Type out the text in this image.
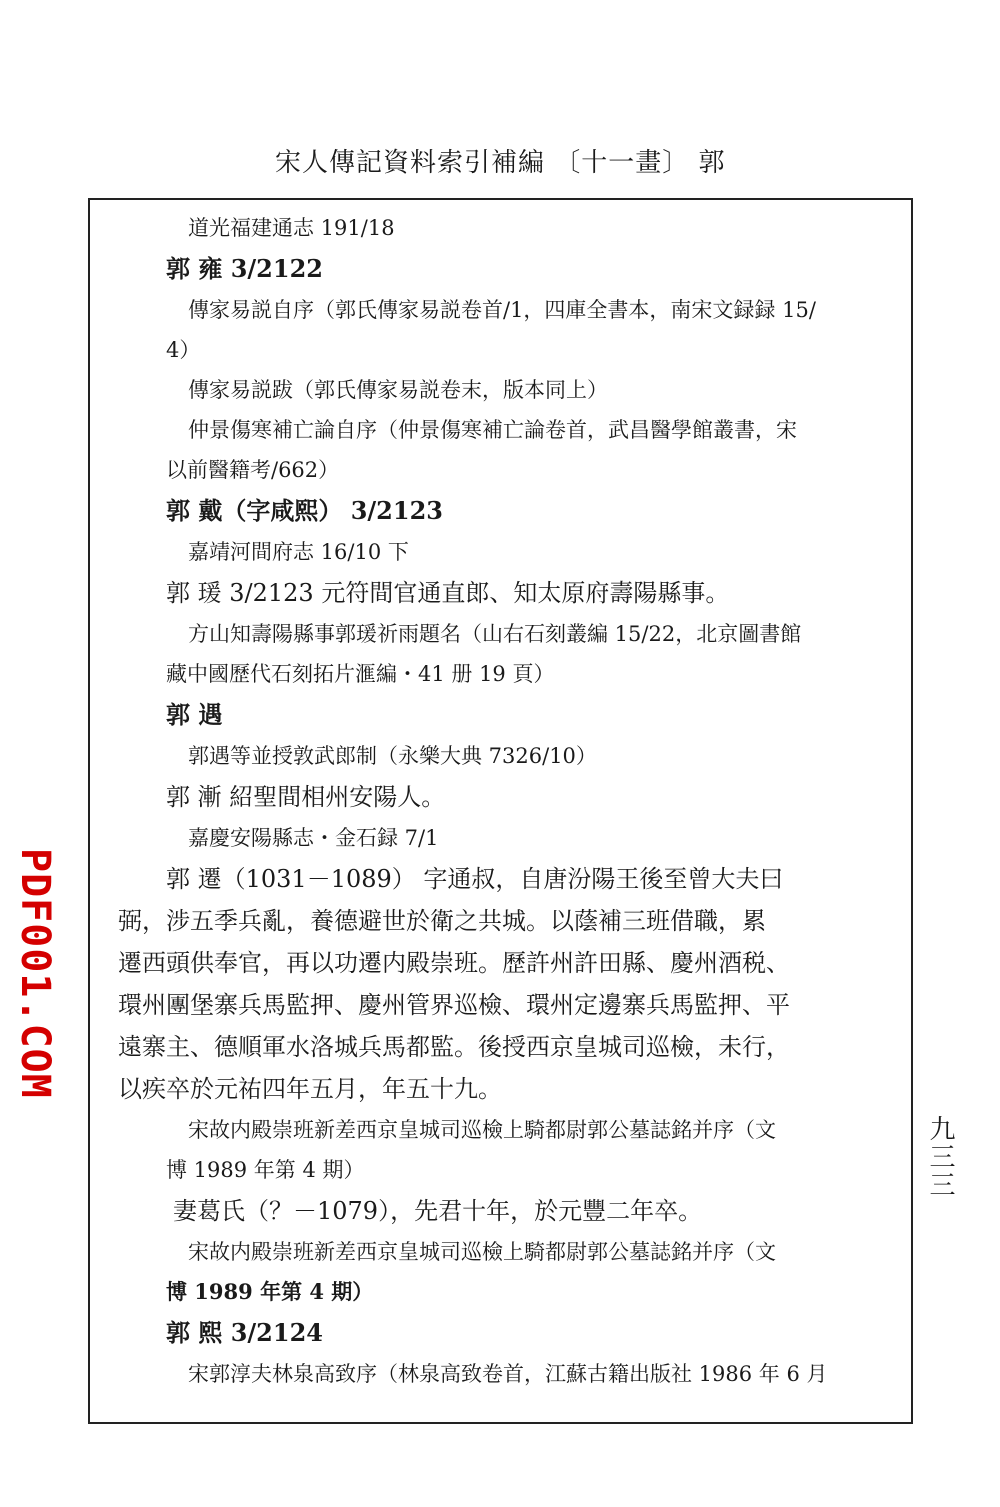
宋人傳記資料索引補編 〔十一畫〕 郭
道光福建通志 191/18
郭 雍 3/2122
傳家易説自序（郭氏傳家易説卷首/1，四庫全書本，南宋文録録 15/
4）
傳家易説跋（郭氏傳家易説卷末，版本同上）
仲景傷寒補亡論自序（仲景傷寒補亡論卷首，武昌醫學館叢書，宋
以前醫籍考/662）
郭 戴（字咸熙） 3/2123
嘉靖河間府志 16/10 下
郭 瑗 3/2123 元符間官通直郎、知太原府壽陽縣事。
方山知壽陽縣事郭瑗祈雨題名（山右石刻叢編 15/22，北京圖書館
藏中國歷代石刻拓片滙編・41 册 19 頁）
郭 遇
郭遇等並授敦武郎制（永樂大典 7326/10）
郭 漸 紹聖間相州安陽人。
嘉慶安陽縣志・金石録 7/1
郭 遷（1031－1089） 字通叔，自唐汾陽王後至曾大夫曰
弼，涉五季兵亂，養德避世於衛之共城。以蔭補三班借職，累
遷西頭供奉官，再以功遷内殿崇班。歷許州許田縣、慶州酒税、
環州團堡寨兵馬監押、慶州管界巡檢、環州定邊寨兵馬監押、平
遠寨主、德順軍水洛城兵馬都監。後授西京皇城司巡檢，未行，
以疾卒於元祐四年五月，年五十九。
宋故内殿崇班新差西京皇城司巡檢上騎都尉郭公墓誌銘并序（文
博 1989 年第 4 期）
妻葛氏（？－1079），先君十年，於元豐二年卒。
宋故内殿崇班新差西京皇城司巡檢上騎都尉郭公墓誌銘并序（文
博 1989 年第 4 期）
郭 熙 3/2124
宋郭淳夫林泉高致序（林泉高致卷首，江蘇古籍出版社 1986 年 6 月
PDF001.COM
九三三
